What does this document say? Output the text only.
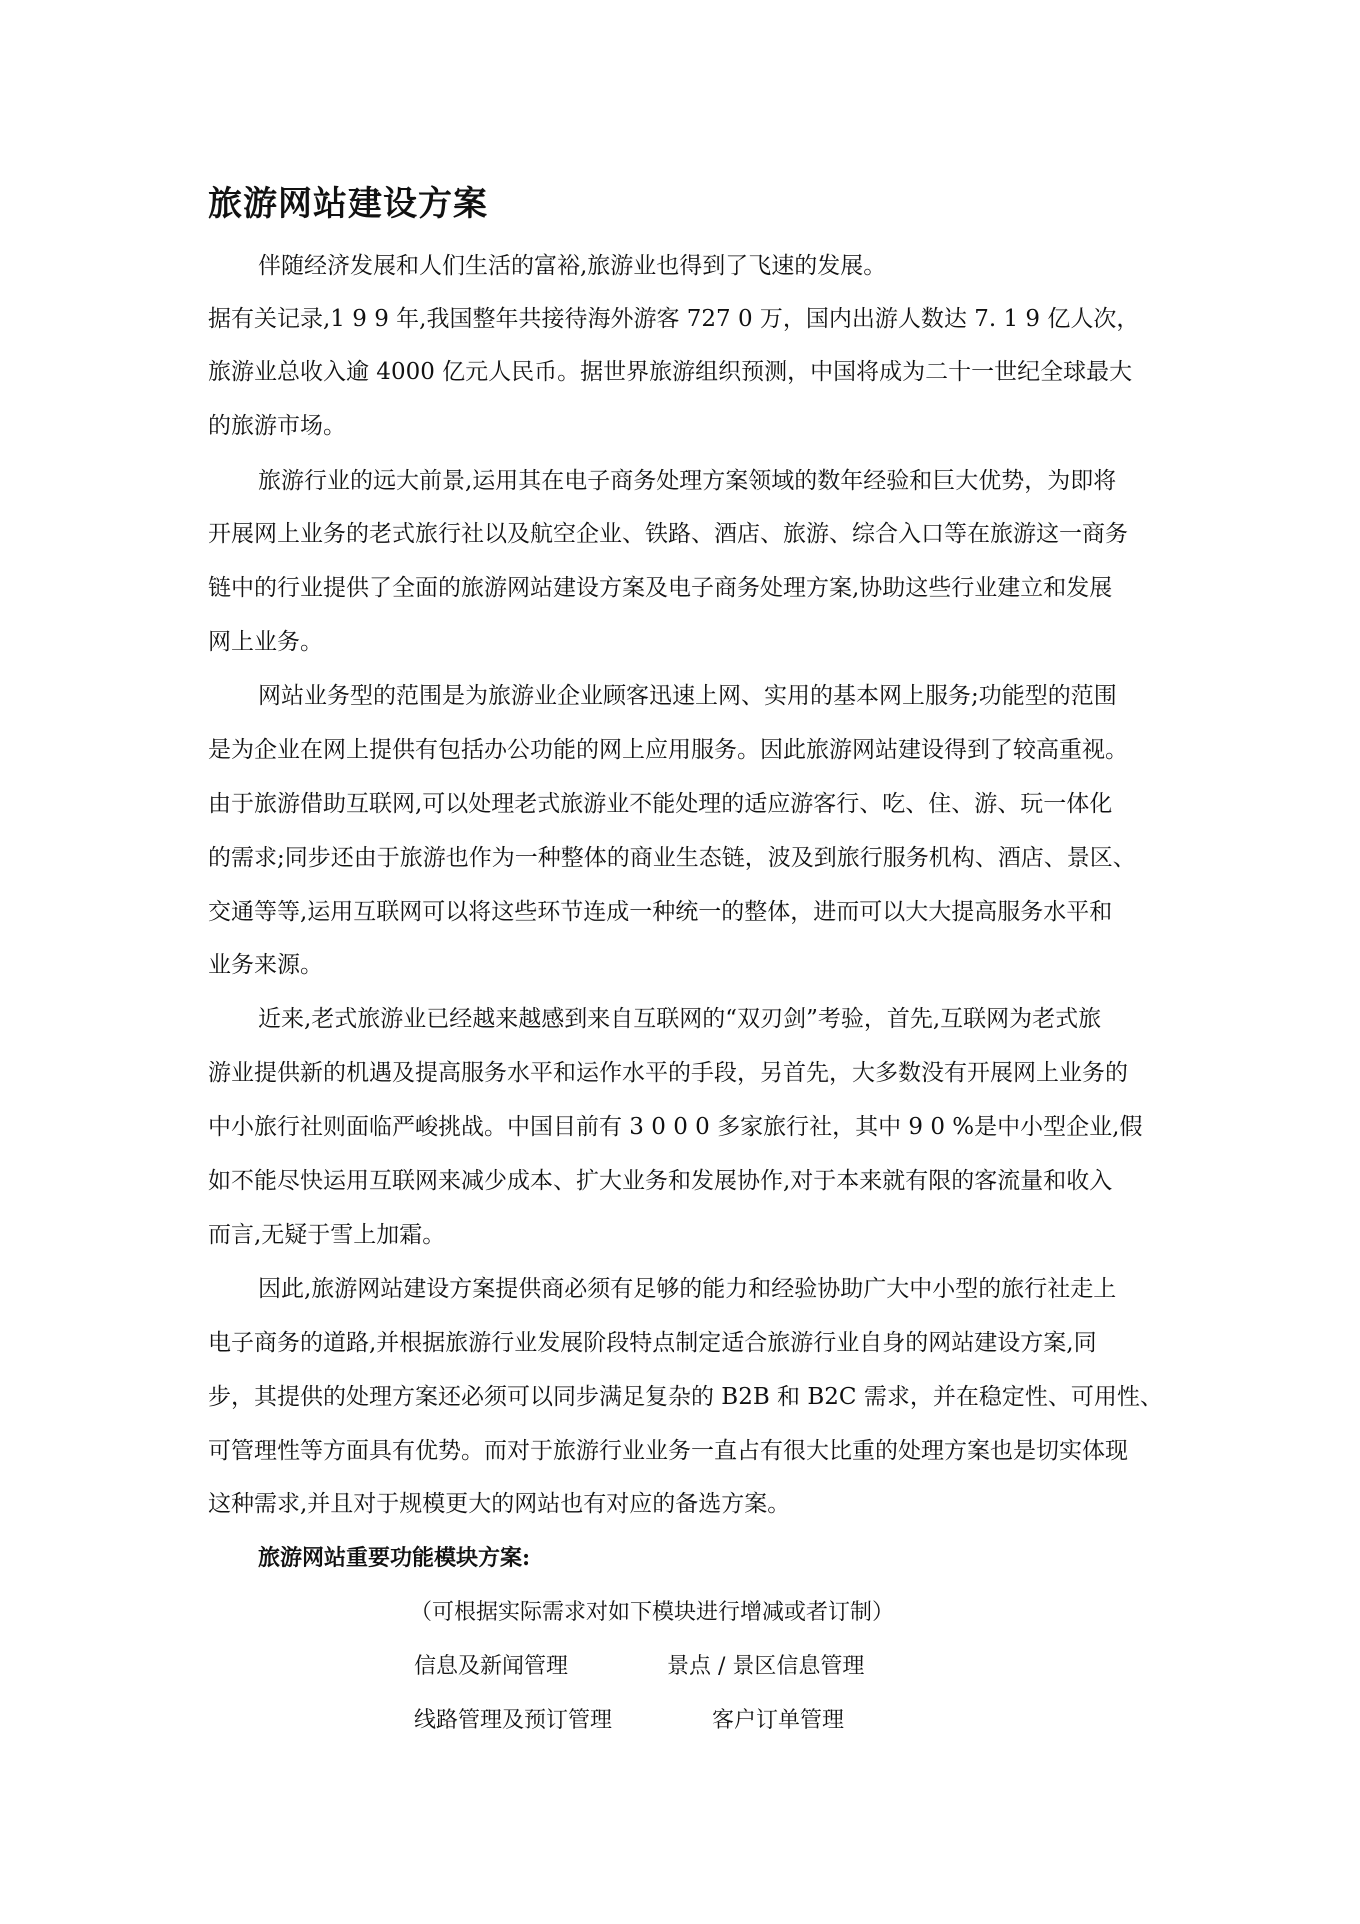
旅游网站建设方案
伴随经济发展和人们生活的富裕,旅游业也得到了飞速的发展。
据有关记录,1 9 9 年,我国整年共接待海外游客 727 0 万，国内出游人数达 7. 1 9 亿人次，
旅游业总收入逾 4000 亿元人民币。据世界旅游组织预测，中国将成为二十一世纪全球最大
的旅游市场。
旅游行业的远大前景,运用其在电子商务处理方案领域的数年经验和巨大优势，为即将
开展网上业务的老式旅行社以及航空企业、铁路、酒店、旅游、综合入口等在旅游这一商务
链中的行业提供了全面的旅游网站建设方案及电子商务处理方案,协助这些行业建立和发展
网上业务。
网站业务型的范围是为旅游业企业顾客迅速上网、实用的基本网上服务;功能型的范围
是为企业在网上提供有包括办公功能的网上应用服务。因此旅游网站建设得到了较高重视。
由于旅游借助互联网,可以处理老式旅游业不能处理的适应游客行、吃、住、游、玩一体化
的需求;同步还由于旅游也作为一种整体的商业生态链，波及到旅行服务机构、酒店、景区、
交通等等,运用互联网可以将这些环节连成一种统一的整体，进而可以大大提高服务水平和
业务来源。
近来,老式旅游业已经越来越感到来自互联网的“双刃剑”考验，首先,互联网为老式旅
游业提供新的机遇及提高服务水平和运作水平的手段，另首先，大多数没有开展网上业务的
中小旅行社则面临严峻挑战。中国目前有 3 0 0 0 多家旅行社，其中 9 0 %是中小型企业,假
如不能尽快运用互联网来减少成本、扩大业务和发展协作,对于本来就有限的客流量和收入
而言,无疑于雪上加霜。
因此,旅游网站建设方案提供商必须有足够的能力和经验协助广大中小型的旅行社走上
电子商务的道路,并根据旅游行业发展阶段特点制定适合旅游行业自身的网站建设方案,同
步，其提供的处理方案还必须可以同步满足复杂的 B2B 和 B2C 需求，并在稳定性、可用性、
可管理性等方面具有优势。而对于旅游行业业务一直占有很大比重的处理方案也是切实体现
这种需求,并且对于规模更大的网站也有对应的备选方案。
旅游网站重要功能模块方案:
（可根据实际需求对如下模块进行增减或者订制）
信息及新闻管理	景点 / 景区信息管理
线路管理及预订管理	客户订单管理
